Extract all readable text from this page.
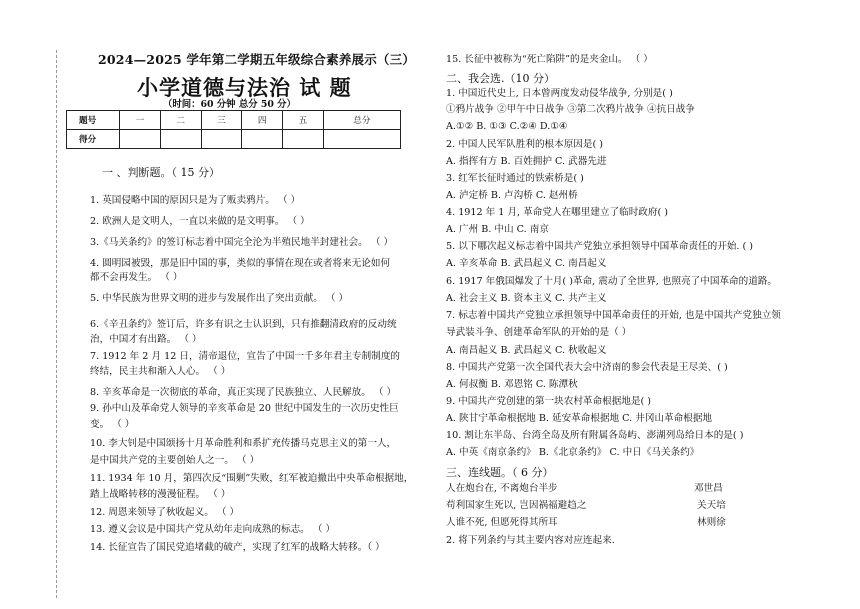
2024—2025 学年第二学期五年级综合素养展示（三）
小学道德与法治 试 题
（时间：60 分钟 总分 50 分）
题号	一	二	三	四	五	总分
得分						
一 、判断题。（ 15 分）
1. 英国侵略中国的原因只是为了贩卖鸦片。 （ ）
2. 欧洲人是文明人，一直以来做的是文明事。 （ ）
3.《马关条约》的签订标志着中国完全沦为半殖民地半封建社会。 （ ）
4. 圆明园被毁，那是旧中国的事，类似的事情在现在或者将来无论如何
都不会再发生。 （ ）
5. 中华民族为世界文明的进步与发展作出了突出贡献。 （ ）
6.《辛丑条约》签订后，许多有识之士认识到，只有推翻清政府的反动统
治，中国才有出路。 （ ）
7. 1912 年 2 月 12 日，清帝退位，宣告了中国一千多年君主专制制度的
终结，民主共和渐入人心。 （ ）
8. 辛亥革命是一次彻底的革命，真正实现了民族独立、人民解放。 （ ）
9. 孙中山及革命党人领导的辛亥革命是 20 世纪中国发生的一次历史性巨
变。 （ ）
10. 李大钊是中国颂扬十月革命胜利和系扩充传播马克思主义的第一人，
是中国共产党的主要创始人之一。 （ ）
11. 1934 年 10 月，第四次反“围剿”失败，红军被迫撤出中央革命根据地，
踏上战略转移的漫漫征程。 （ ）
12. 周恩来领导了秋收起义。 （ ）
13. 遵义会议是中国共产党从幼年走向成熟的标志。 （ ）
14. 长征宣告了国民党追堵截的破产，实现了红军的战略大转移。（ ）
15. 长征中被称为“死亡陷阱”的是夹金山。 （ ）
二、我会选.（10 分）
1. 中国近代史上, 日本曾两度发动侵华战争, 分别是( )
①鸦片战争 ②甲午中日战争 ③第二次鸦片战争 ④抗日战争
A.①② B. ①③ C.②④ D.①④
2. 中国人民军队胜利的根本原因是( )
A. 指挥有方 B. 百姓拥护 C. 武器先进
3. 红军长征时通过的铁索桥是( )
A. 泸定桥 B. 卢沟桥 C. 赵州桥
4. 1912 年 1 月, 革命党人在哪里建立了临时政府( )
A. 广州 B. 中山 C. 南京
5. 以下哪次起义标志着中国共产党独立承担领导中国革命责任的开始. ( )
A. 辛亥革命 B. 武昌起义 C. 南昌起义
6. 1917 年俄国爆发了十月( )革命, 震动了全世界, 也照亮了中国革命的道路。
A. 社会主义 B. 资本主义 C. 共产主义
7. 标志着中国共产党独立承担领导中国革命责任的开始, 也是中国共产党独立领
导武装斗争、创建革命军队的开始的是（ ）
A. 南昌起义 B. 武昌起义 C. 秋收起义
8. 中国共产党第一次全国代表大会中济南的参会代表是王尽美、( )
A. 何叔衡 B. 邓恩铭 C. 陈潭秋
9. 中国共产党创建的第一块农村革命根据地是( )
A. 陕甘宁革命根据地 B. 延安革命根据地 C. 井冈山革命根据地
10. 割让东半岛、台湾全岛及所有附属各岛屿、澎湖列岛给日本的是( )
A. 中英《南京条约》 B.《北京条约》 C. 中日《马关条约》
三、连线题。（ 6 分）
人在炮台在, 不离炮台半步	邓世昌
苟利国家生死以, 岂因祸福避趋之	关天培
人谁不死, 但愿死得其所耳	林则徐
2. 将下列条约与其主要内容对应连起来.
